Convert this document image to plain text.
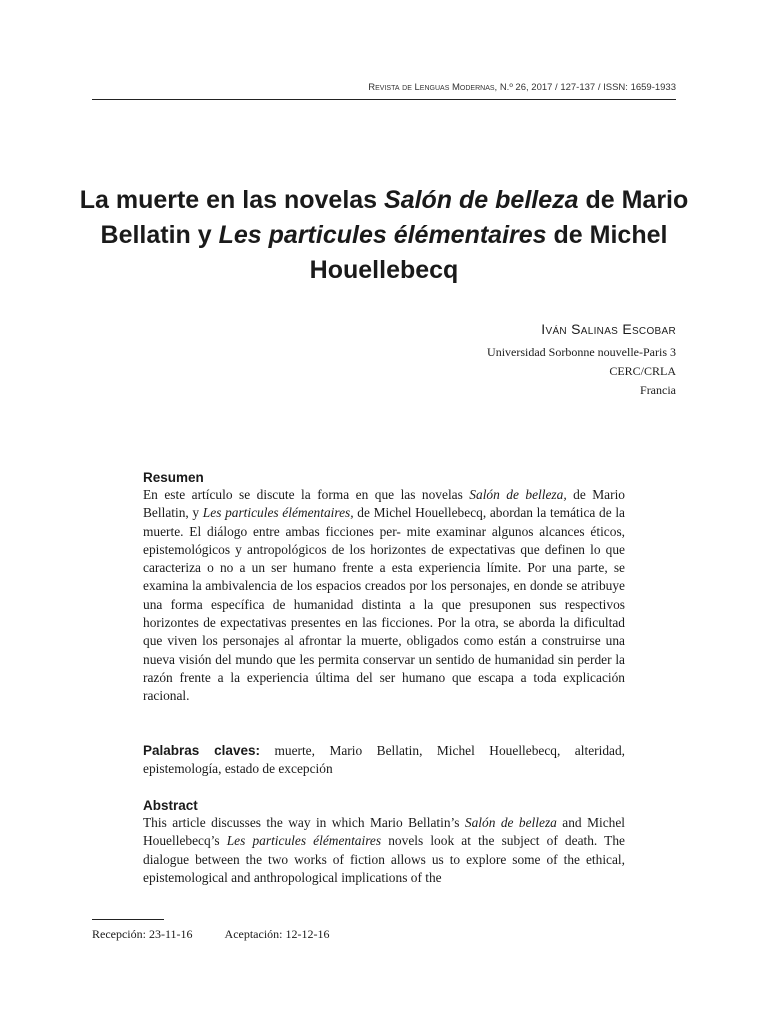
Revista de Lenguas Modernas, N.º 26, 2017 / 127-137 / ISSN: 1659-1933
La muerte en las novelas Salón de belleza de Mario Bellatin y Les particules élémentaires de Michel Houellebecq
Iván Salinas Escobar
Universidad Sorbonne nouvelle-Paris 3
CERC/CRLA
Francia
Resumen
En este artículo se discute la forma en que las novelas Salón de belleza, de Mario Bellatin, y Les particules élémentaires, de Michel Houellebecq, abordan la temática de la muerte. El diálogo entre ambas ficciones per- mite examinar algunos alcances éticos, epistemológicos y antropológicos de los horizontes de expectativas que definen lo que caracteriza o no a un ser humano frente a esta experiencia límite. Por una parte, se examina la ambivalencia de los espacios creados por los personajes, en donde se atribuye una forma específica de humanidad distinta a la que presuponen sus respectivos horizontes de expectativas presentes en las ficciones. Por la otra, se aborda la dificultad que viven los personajes al afrontar la muerte, obligados como están a construirse una nueva visión del mundo que les permita conservar un sentido de humanidad sin perder la razón frente a la experiencia última del ser humano que escapa a toda explicación racional.
Palabras claves: muerte, Mario Bellatin, Michel Houellebecq, alteridad, epistemología, estado de excepción
Abstract
This article discusses the way in which Mario Bellatin’s Salón de belleza and Michel Houellebecq’s Les particules élémentaires novels look at the subject of death. The dialogue between the two works of fiction allows us to explore some of the ethical, epistemological and anthropological implications of the
Recepción: 23-11-16	Aceptación: 12-12-16
